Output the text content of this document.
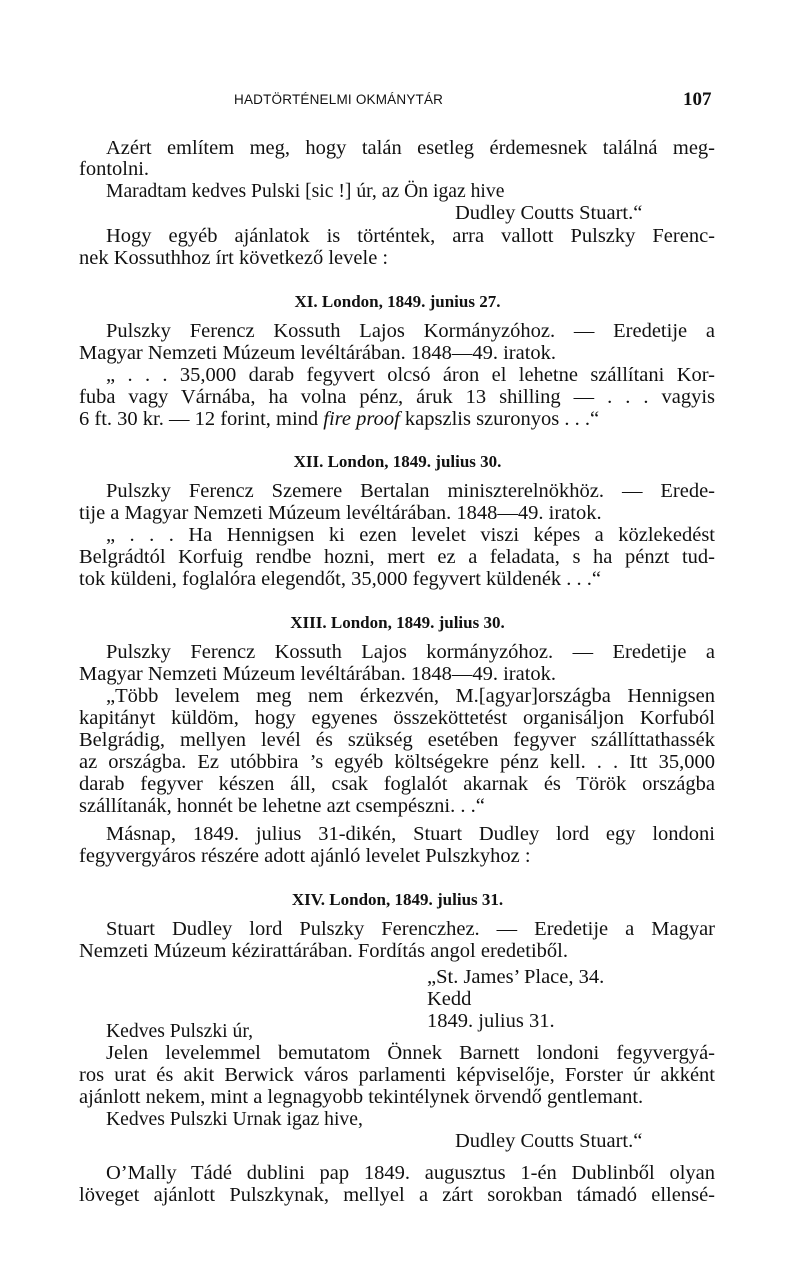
HADTÖRTÉNELMI OKMÁNYTÁR	107
Azért említem meg, hogy talán esetleg érdemesnek találná meg-
fontolni.
Maradtam kedves Pulski [sic !] úr, az Ön igaz hive
Dudley Coutts Stuart.“
Hogy egyéb ajánlatok is történtek, arra vallott Pulszky Ferenc-
nek Kossuthhoz írt következő levele :
XI. London, 1849. junius 27.
Pulszky Ferencz Kossuth Lajos Kormányzóhoz. — Eredetije a
Magyar Nemzeti Múzeum levéltárában. 1848—49. iratok.
„ . . . 35,000 darab fegyvert olcsó áron el lehetne szállítani Kor-
fuba vagy Várnába, ha volna pénz, áruk 13 shilling — . . . vagyis
6 ft. 30 kr. — 12 forint, mind fire proof kapszlis szuronyos . . .“
XII. London, 1849. julius 30.
Pulszky Ferencz Szemere Bertalan miniszterelnökhöz. — Erede-
tije a Magyar Nemzeti Múzeum levéltárában. 1848—49. iratok.
„ . . . Ha Hennigsen ki ezen levelet viszi képes a közlekedést
Belgrádtól Korfuig rendbe hozni, mert ez a feladata, s ha pénzt tud-
tok küldeni, foglalóra elegendőt, 35,000 fegyvert küldenék . . .“
XIII. London, 1849. julius 30.
Pulszky Ferencz Kossuth Lajos kormányzóhoz. — Eredetije a
Magyar Nemzeti Múzeum levéltárában. 1848—49. iratok.
„Több levelem meg nem érkezvén, M.[agyar]országba Hennigsen
kapitányt küldöm, hogy egyenes összeköttetést organisáljon Korfuból
Belgrádig, mellyen levél és szükség esetében fegyver szállíttathassék
az országba. Ez utóbbira ’s egyéb költségekre pénz kell. . . Itt 35,000
darab fegyver készen áll, csak foglalót akarnak és Török országba
szállítanák, honnét be lehetne azt csempészni. . .“
Másnap, 1849. julius 31-dikén, Stuart Dudley lord egy londoni
fegyvergyáros részére adott ajánló levelet Pulszkyhoz :
XIV. London, 1849. julius 31.
Stuart Dudley lord Pulszky Ferenczhez. — Eredetije a Magyar
Nemzeti Múzeum kézirattárában. Fordítás angol eredetiből.
„St. James’ Place, 34.
Kedd
1849. julius 31.
Kedves Pulszki úr,
Jelen levelemmel bemutatom Önnek Barnett londoni fegyvergyá-
ros urat és akit Berwick város parlamenti képviselője, Forster úr akként
ajánlott nekem, mint a legnagyobb tekintélynek örvendő gentlemant.
Kedves Pulszki Urnak igaz hive,
Dudley Coutts Stuart.“
O’Mally Tádé dublini pap 1849. augusztus 1-én Dublinből olyan
löveget ajánlott Pulszkynak, mellyel a zárt sorokban támadó ellensé-
